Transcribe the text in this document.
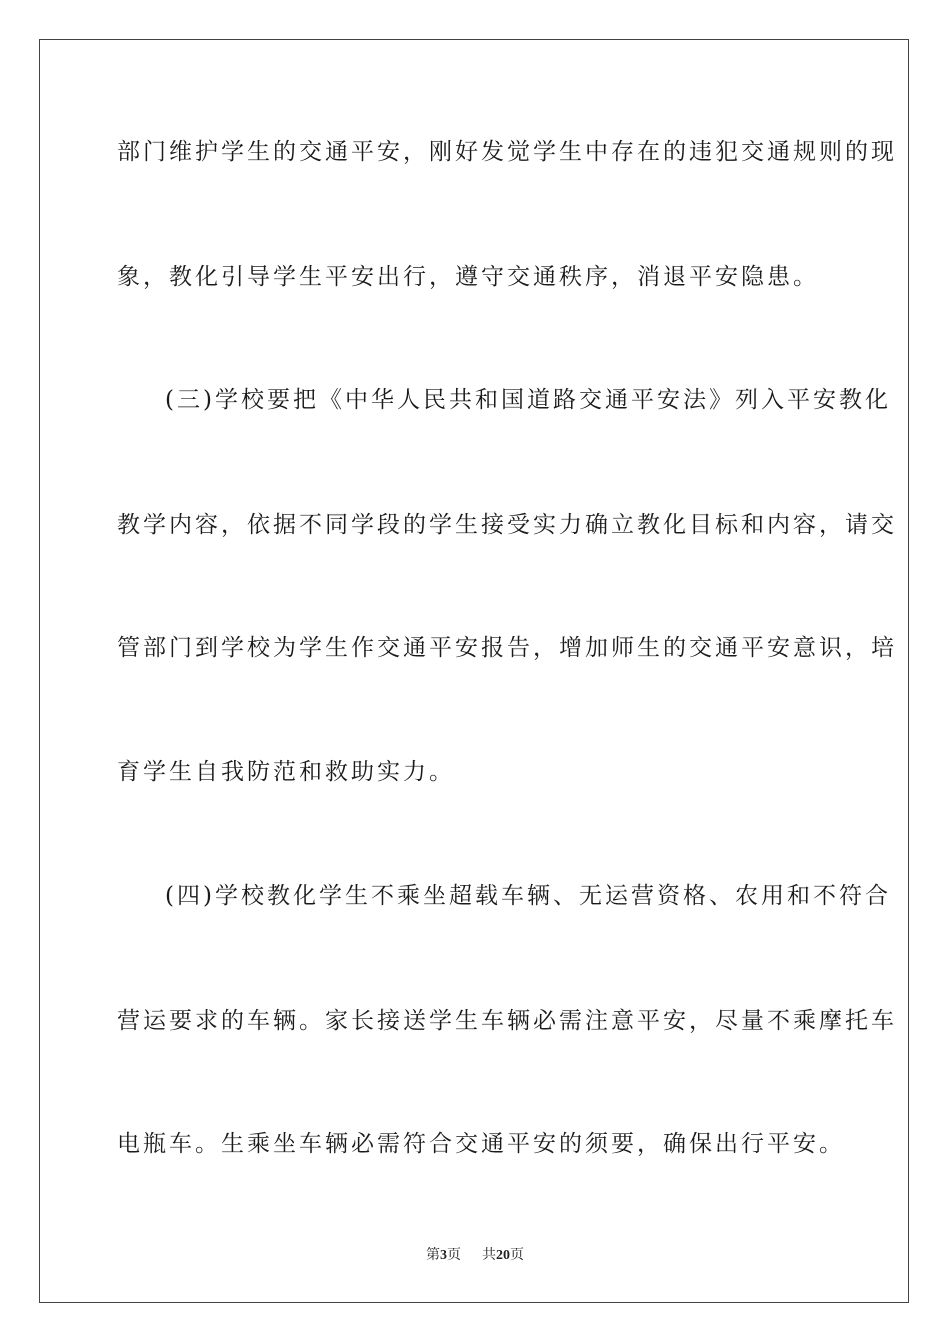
部门维护学生的交通平安，刚好发觉学生中存在的违犯交通规则的现
象，教化引导学生平安出行，遵守交通秩序，消退平安隐患。
(三)学校要把《中华人民共和国道路交通平安法》列入平安教化
教学内容，依据不同学段的学生接受实力确立教化目标和内容，请交
管部门到学校为学生作交通平安报告，增加师生的交通平安意识，培
育学生自我防范和救助实力。
(四)学校教化学生不乘坐超载车辆、无运营资格、农用和不符合
营运要求的车辆。家长接送学生车辆必需注意平安，尽量不乘摩托车
电瓶车。生乘坐车辆必需符合交通平安的须要，确保出行平安。
第3页 共20页
